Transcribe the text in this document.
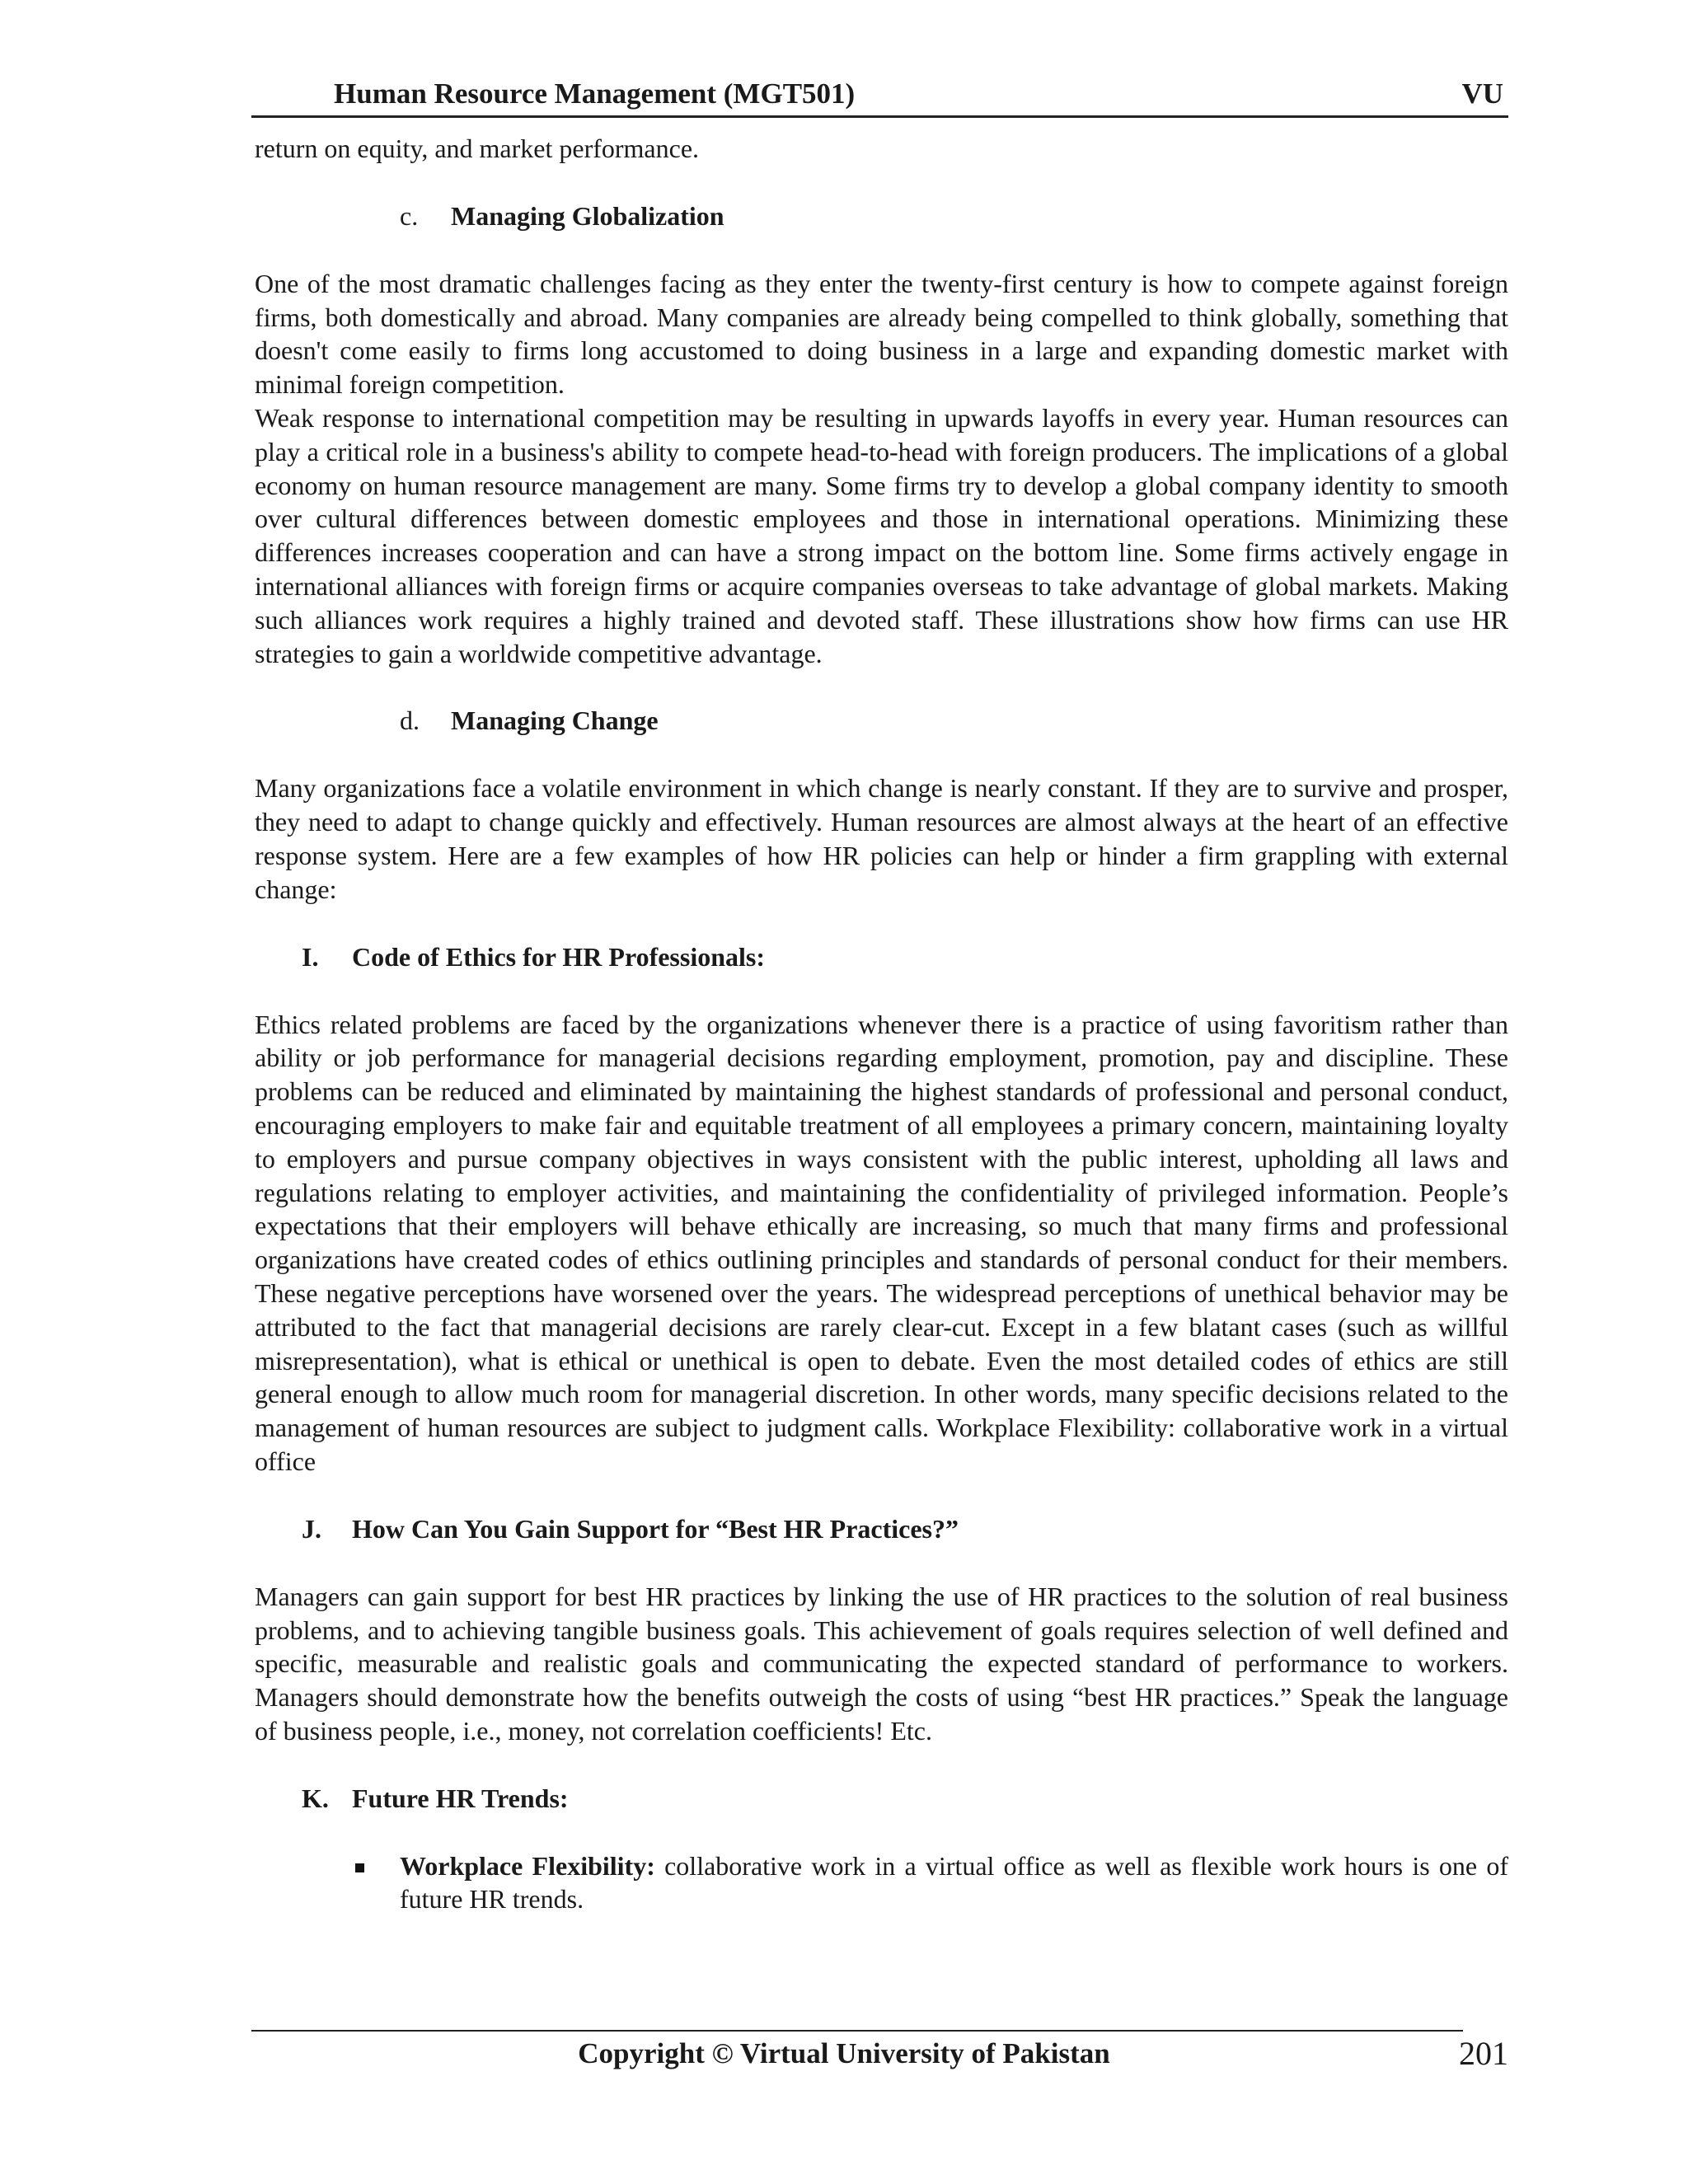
Human Resource Management (MGT501)	VU

return on equity, and market performance.

c. Managing Globalization

One of the most dramatic challenges facing as they enter the twenty-first century is how to compete against foreign firms, both domestically and abroad. Many companies are already being compelled to think globally, something that doesn't come easily to firms long accustomed to doing business in a large and expanding domestic market with minimal foreign competition.

Weak response to international competition may be resulting in upwards layoffs in every year. Human resources can play a critical role in a business's ability to compete head-to-head with foreign producers. The implications of a global economy on human resource management are many. Some firms try to develop a global company identity to smooth over cultural differences between domestic employees and those in international operations. Minimizing these differences increases cooperation and can have a strong impact on the bottom line. Some firms actively engage in international alliances with foreign firms or acquire companies overseas to take advantage of global markets. Making such alliances work requires a highly trained and devoted staff. These illustrations show how firms can use HR strategies to gain a worldwide competitive advantage.

d. Managing Change

Many organizations face a volatile environment in which change is nearly constant. If they are to survive and prosper, they need to adapt to change quickly and effectively. Human resources are almost always at the heart of an effective response system. Here are a few examples of how HR policies can help or hinder a firm grappling with external change:

I. Code of Ethics for HR Professionals:

Ethics related problems are faced by the organizations whenever there is a practice of using favoritism rather than ability or job performance for managerial decisions regarding employment, promotion, pay and discipline. These problems can be reduced and eliminated by maintaining the highest standards of professional and personal conduct, encouraging employers to make fair and equitable treatment of all employees a primary concern, maintaining loyalty to employers and pursue company objectives in ways consistent with the public interest, upholding all laws and regulations relating to employer activities, and maintaining the confidentiality of privileged information. People’s expectations that their employers will behave ethically are increasing, so much that many firms and professional organizations have created codes of ethics outlining principles and standards of personal conduct for their members. These negative perceptions have worsened over the years. The widespread perceptions of unethical behavior may be attributed to the fact that managerial decisions are rarely clear-cut. Except in a few blatant cases (such as willful misrepresentation), what is ethical or unethical is open to debate. Even the most detailed codes of ethics are still general enough to allow much room for managerial discretion. In other words, many specific decisions related to the management of human resources are subject to judgment calls. Workplace Flexibility: collaborative work in a virtual office

J. How Can You Gain Support for “Best HR Practices?”

Managers can gain support for best HR practices by linking the use of HR practices to the solution of real business problems, and to achieving tangible business goals. This achievement of goals requires selection of well defined and specific, measurable and realistic goals and communicating the expected standard of performance to workers. Managers should demonstrate how the benefits outweigh the costs of using “best HR practices.” Speak the language of business people, i.e., money, not correlation coefficients! Etc.

K. Future HR Trends:

Workplace Flexibility: collaborative work in a virtual office as well as flexible work hours is one of future HR trends.

Copyright © Virtual University of Pakistan	201
